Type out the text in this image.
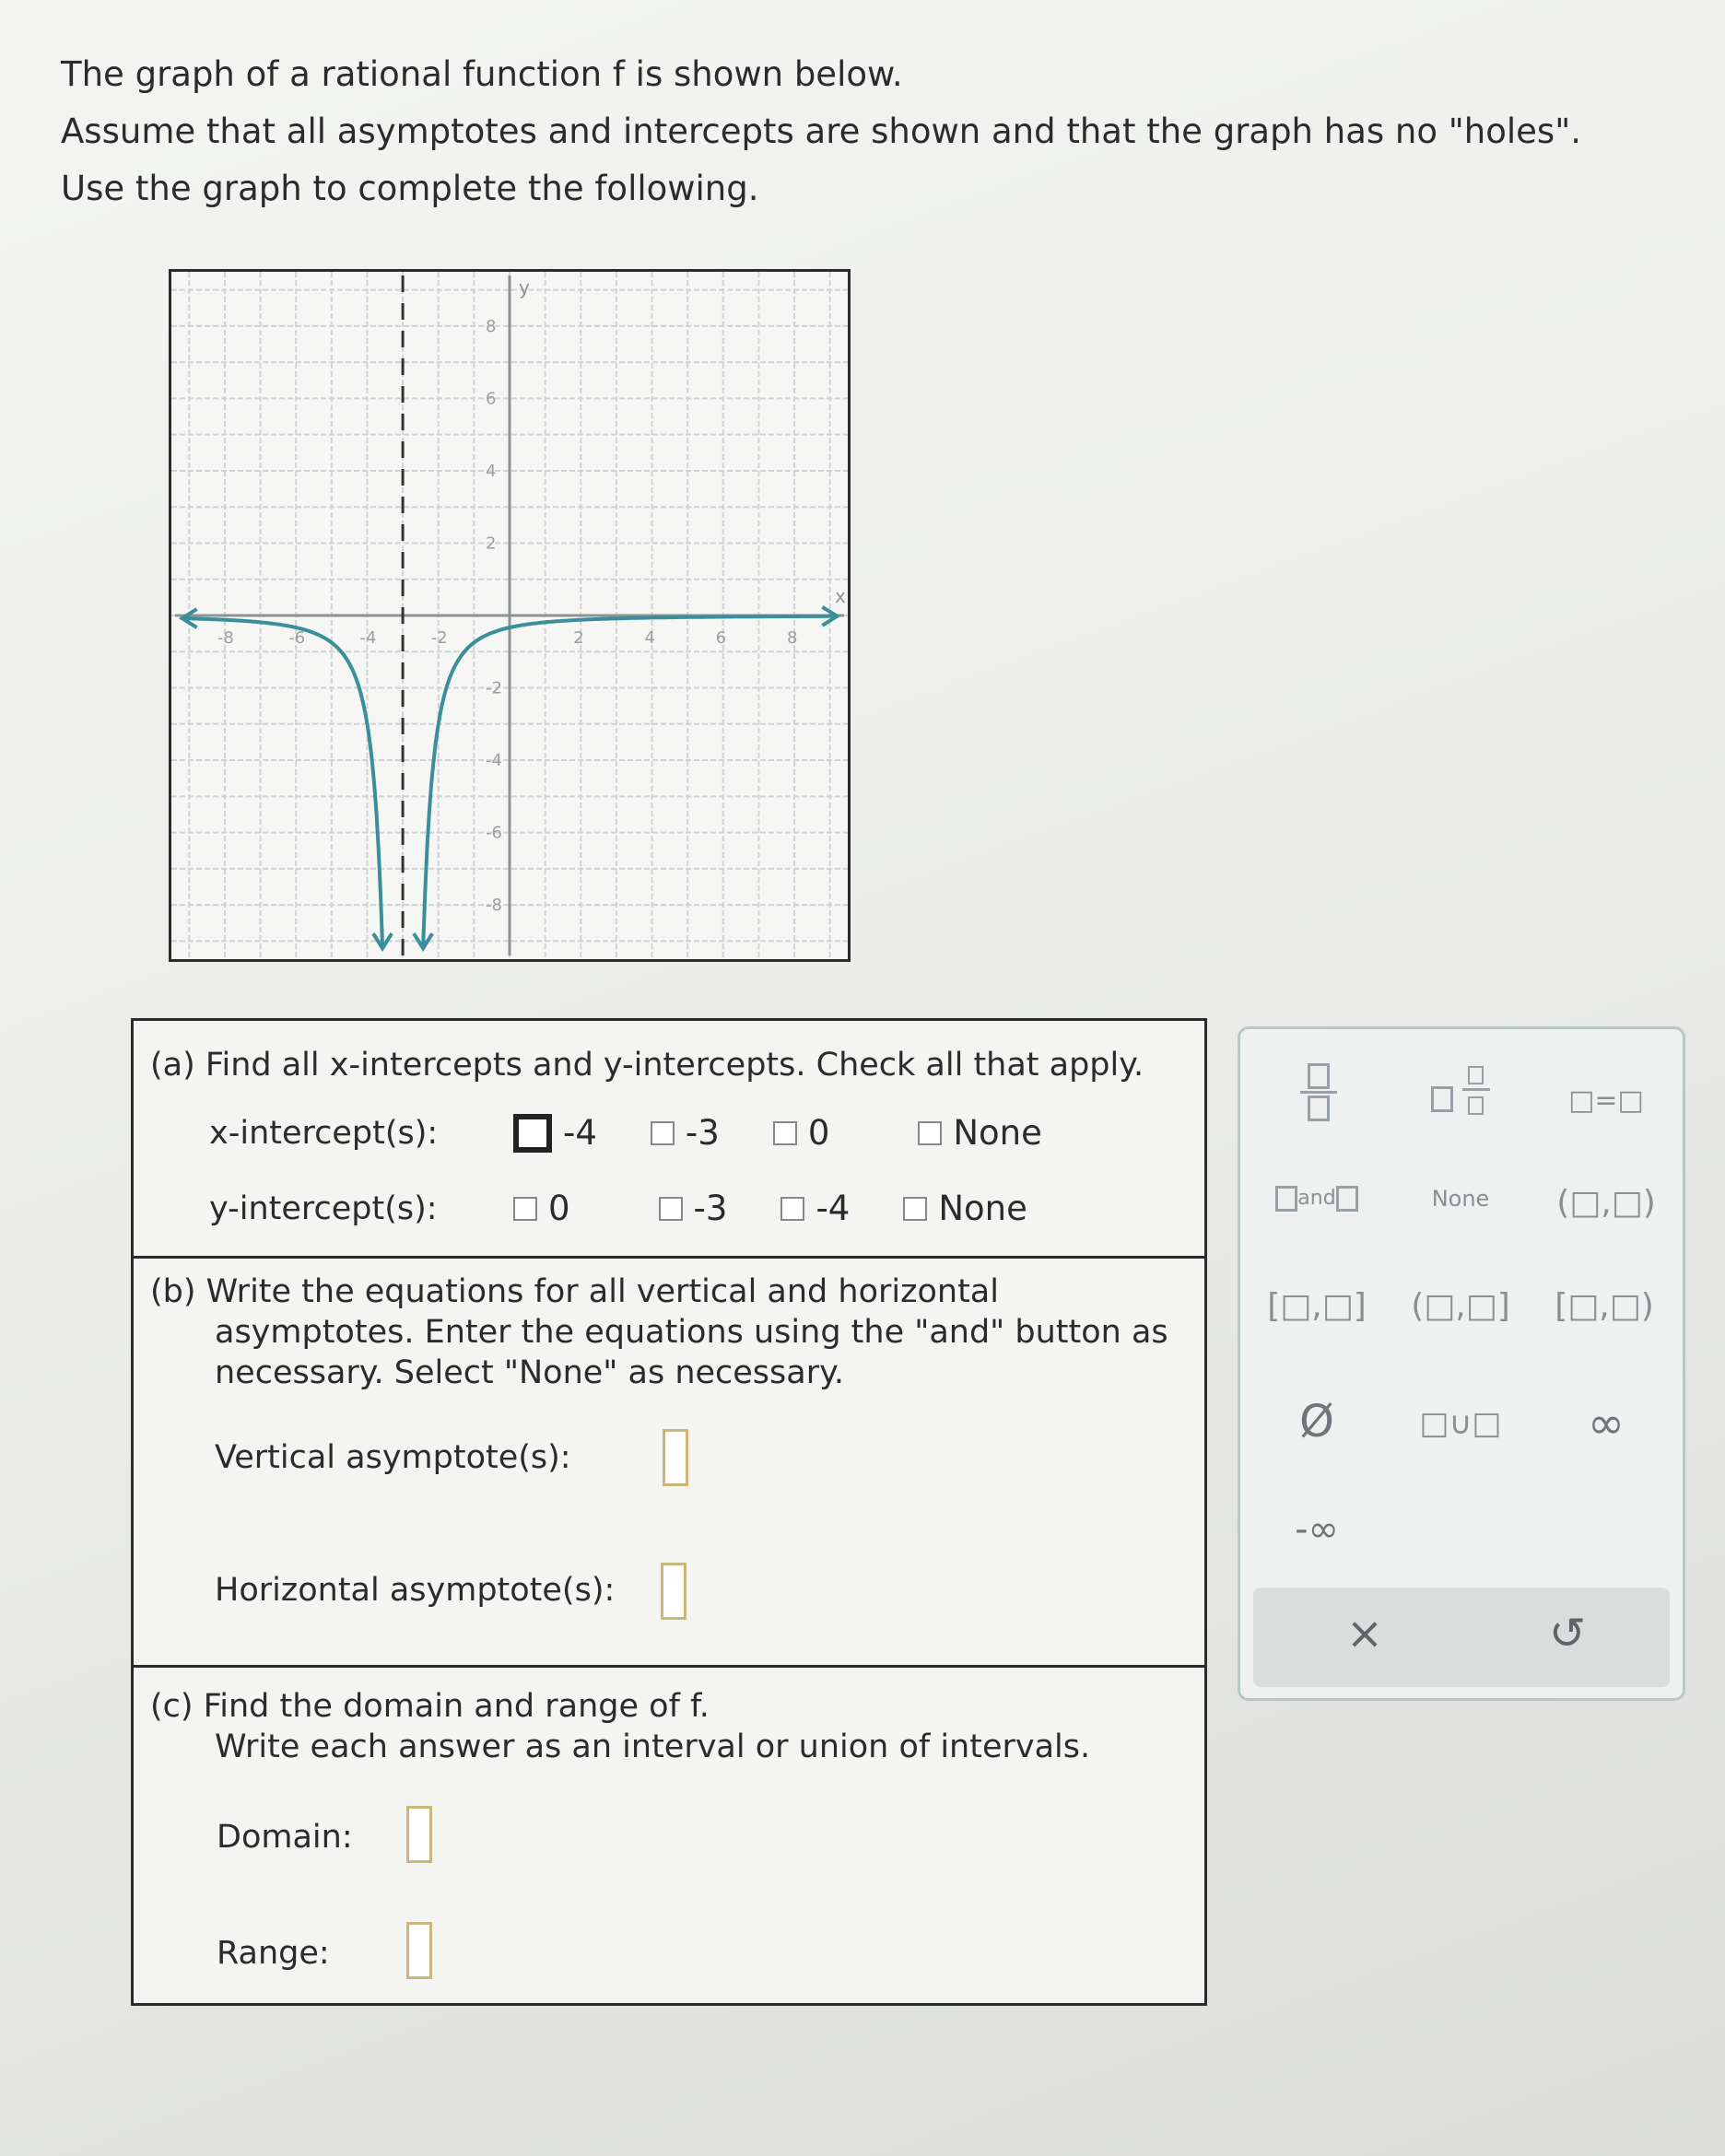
The graph of a rational function f is shown below.
Assume that all asymptotes and intercepts are shown and that the graph has no "holes".
Use the graph to complete the following.
x
y
-8	-6	-4	-2	2	4	6	8
8
6
4
2
-2
-4
-6
-8
(a) Find all x-intercepts and y-intercepts. Check all that apply.
x-intercept(s):	-4	-3	0	None
y-intercept(s):	0	-3	-4	None
(b) Write the equations for all vertical and horizontal
asymptotes. Enter the equations using the "and" button as
necessary. Select "None" as necessary.
Vertical asymptote(s):
Horizontal asymptote(s):
(c) Find the domain and range of f.
Write each answer as an interval or union of intervals.
Domain:
Range:

□=□
and	None	(□,□)
[□,□]	(□,□]	[□,□)
Ø	□∪□	∞
-∞
×	↺
